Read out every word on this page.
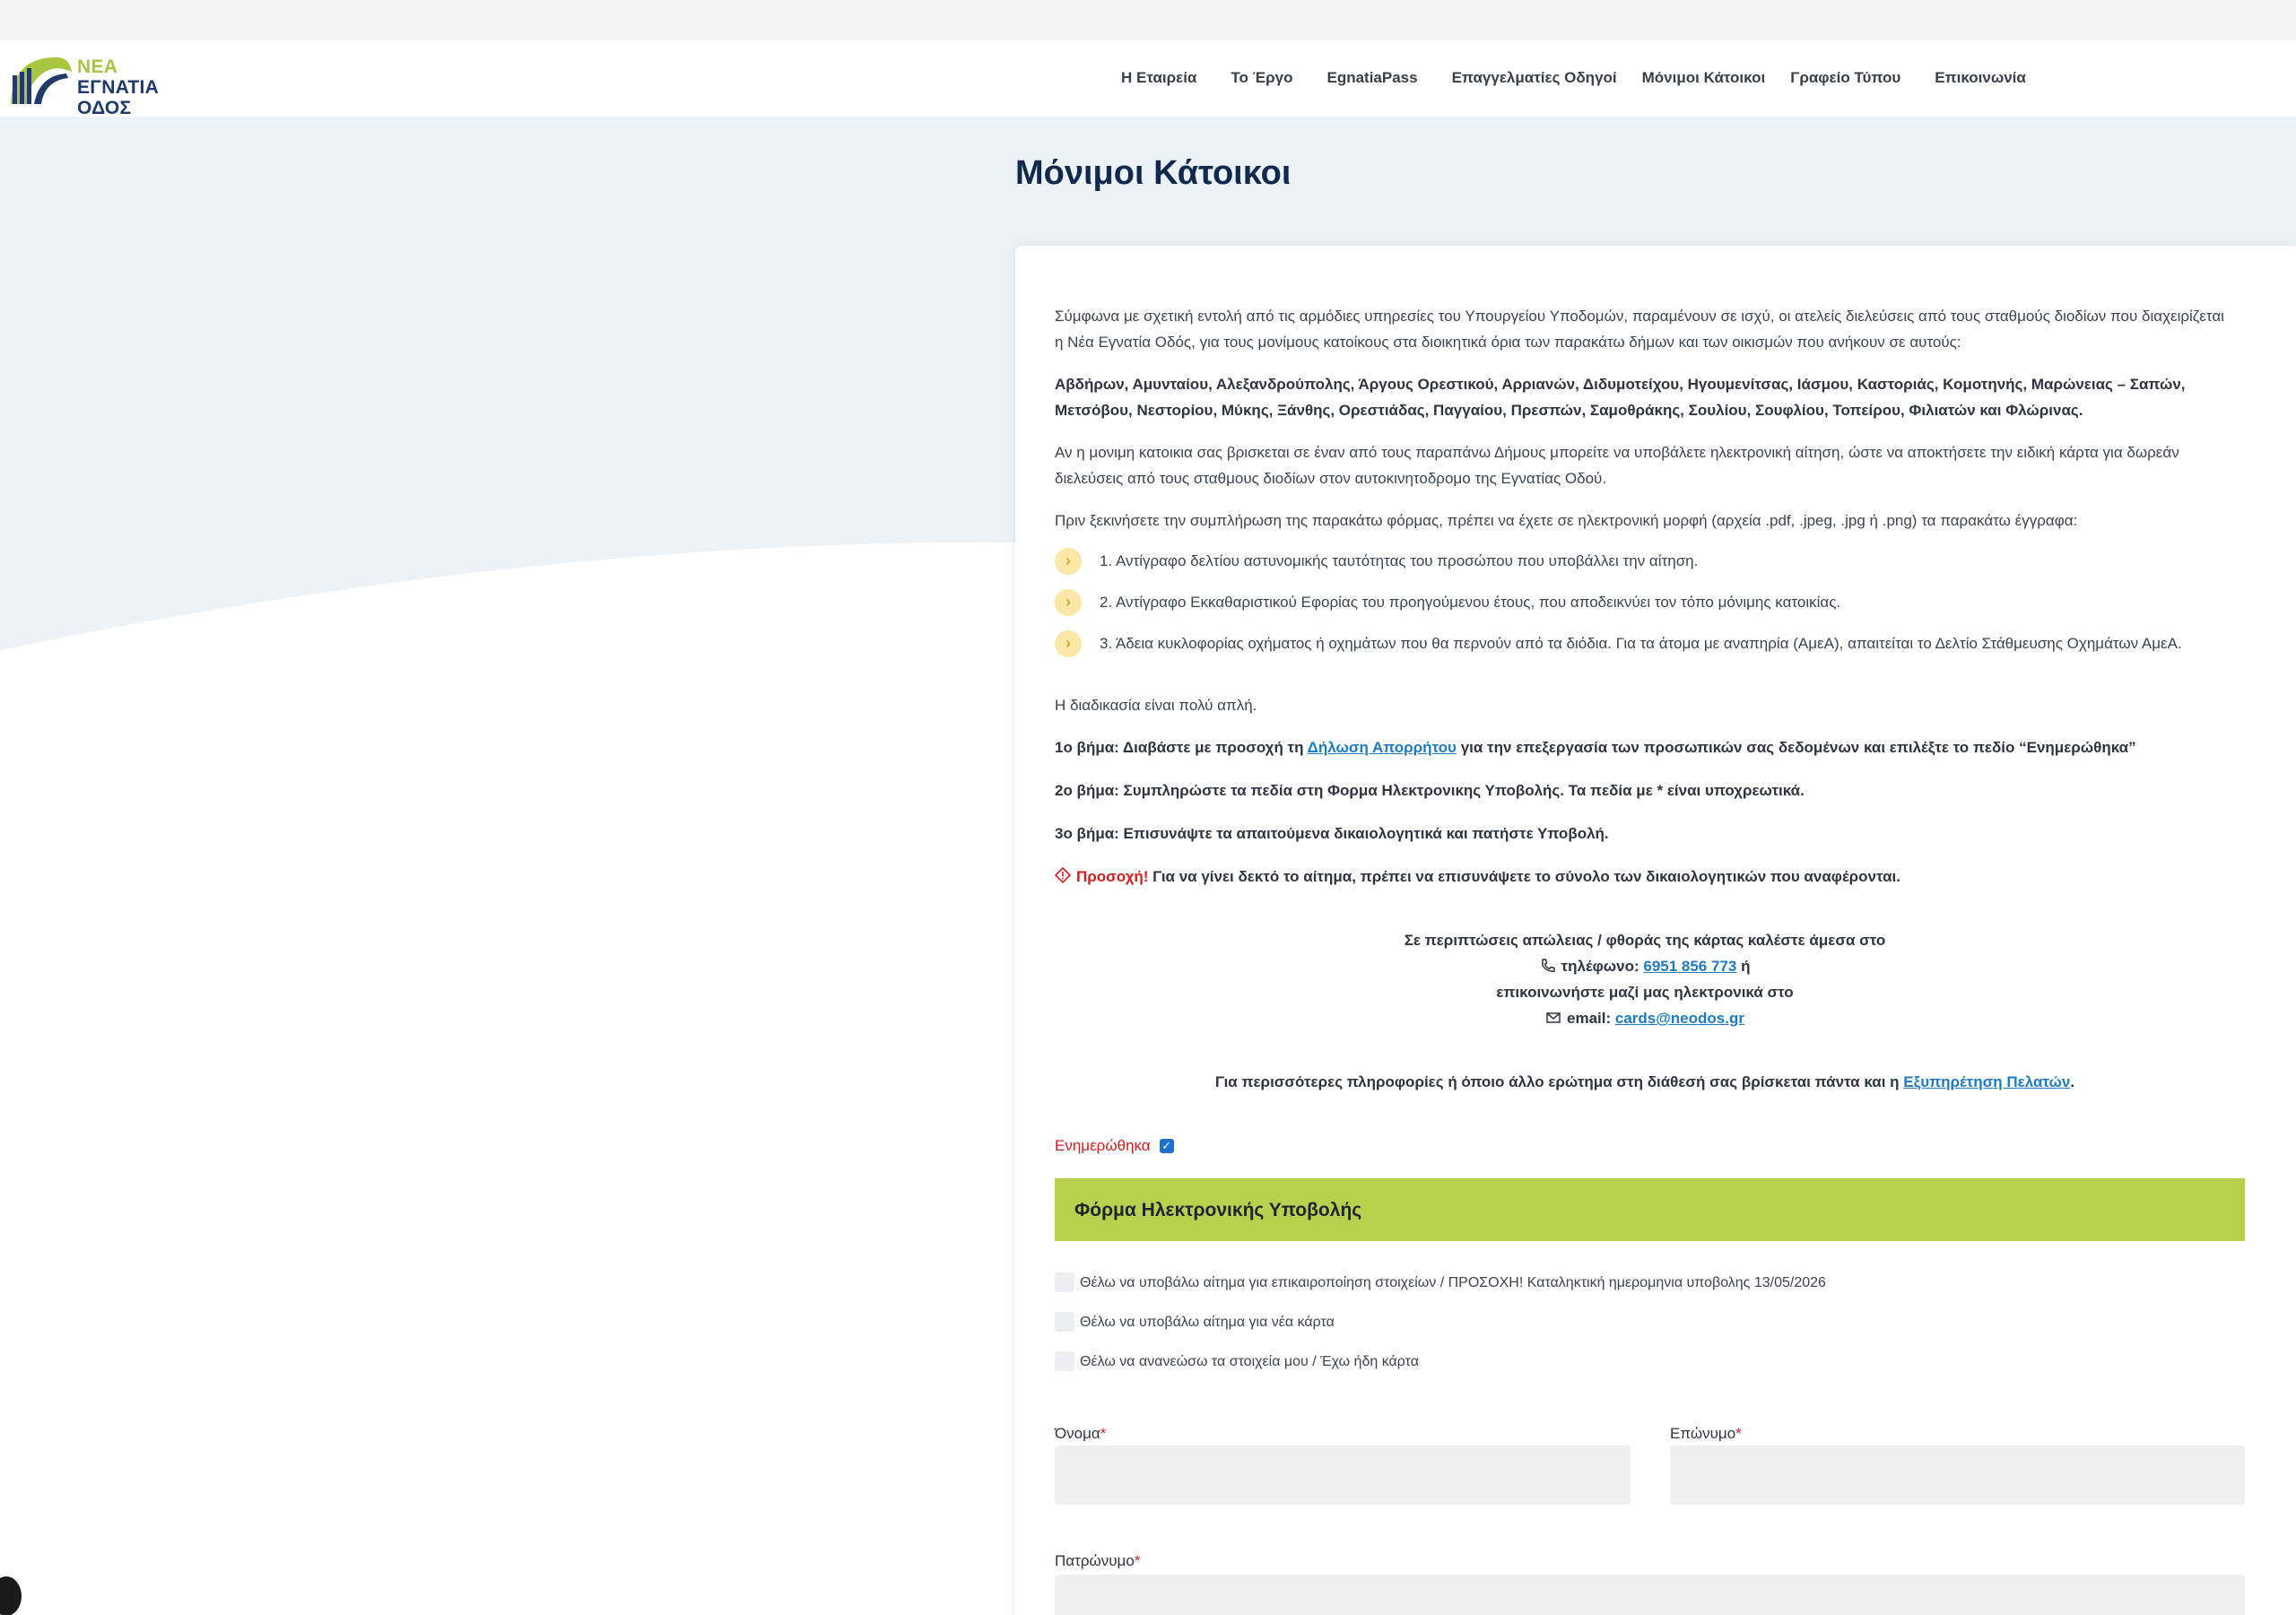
ΝΕΑ
ΕΓΝΑΤΙΑ
ΟΔΟΣ
Η Εταιρεία Το Έργο EgnatiaPass Επαγγελματίες Οδηγοί Μόνιμοι Κάτοικοι Γραφείο Τύπου Επικοινωνία
Μόνιμοι Κάτοικοι

Σύμφωνα με σχετική εντολή από τις αρμόδιες υπηρεσίες του Υπουργείου Υποδομών, παραμένουν σε ισχύ, οι ατελείς διελεύσεις από τους σταθμούς διοδίων που διαχειρίζεται η Νέα Εγνατία Οδός, για τους μονίμους κατοίκους στα διοικητικά όρια των παρακάτω δήμων και των οικισμών που ανήκουν σε αυτούς:

Αβδήρων, Αμυνταίου, Αλεξανδρούπολης, Άργους Ορεστικού, Αρριανών, Διδυμοτείχου, Ηγουμενίτσας, Ιάσμου, Καστοριάς, Κομοτηνής, Μαρώνειας – Σαπών, Μετσόβου, Νεστορίου, Μύκης, Ξάνθης, Ορεστιάδας, Παγγαίου, Πρεσπών, Σαμοθράκης, Σουλίου, Σουφλίου, Τοπείρου, Φιλιατών και Φλώρινας.

Αν η μονιμη κατοικια σας βρισκεται σε έναν από τους παραπάνω Δήμους μπορείτε να υποβάλετε ηλεκτρονική αίτηση, ώστε να αποκτήσετε την ειδική κάρτα για δωρεάν διελεύσεις από τους σταθμους διοδίων στον αυτοκινητοδρομο της Εγνατίας Οδού.

Πριν ξεκινήσετε την συμπλήρωση της παρακάτω φόρμας, πρέπει να έχετε σε ηλεκτρονική μορφή (αρχεία .pdf, .jpeg, .jpg ή .png) τα παρακάτω έγγραφα:

›	1. Αντίγραφο δελτίου αστυνομικής ταυτότητας του προσώπου που υποβάλλει την αίτηση.
›	2. Αντίγραφο Εκκαθαριστικού Εφορίας του προηγούμενου έτους, που αποδεικνύει τον τόπο μόνιμης κατοικίας.
›	3. Άδεια κυκλοφορίας οχήματος ή οχημάτων που θα περνούν από τα διόδια. Για τα άτομα με αναπηρία (ΑμεΑ), απαιτείται το Δελτίο Στάθμευσης Οχημάτων ΑμεΑ.

Η διαδικασία είναι πολύ απλή.

1ο βήμα: Διαβάστε με προσοχή τη Δήλωση Απορρήτου για την επεξεργασία των προσωπικών σας δεδομένων και επιλέξτε το πεδίο “Ενημερώθηκα”

2ο βήμα: Συμπληρώστε τα πεδία στη Φορμα Ηλεκτρονικης Υποβολής. Τα πεδία με * είναι υποχρεωτικά.

3ο βήμα: Επισυνάψτε τα απαιτούμενα δικαιολογητικά και πατήστε Υποβολή.

Προσοχή! Για να γίνει δεκτό το αίτημα, πρέπει να επισυνάψετε το σύνολο των δικαιολογητικών που αναφέρονται.

Σε περιπτώσεις απώλειας / φθοράς της κάρτας καλέστε άμεσα στο
τηλέφωνο: 6951 856 773 ή
επικοινωνήστε μαζί μας ηλεκτρονικά στο
email: cards@neodos.gr
Για περισσότερες πληροφορίες ή όποιο άλλο ερώτημα στη διάθεσή σας βρίσκεται πάντα και η Εξυπηρέτηση Πελατών.
Ενημερώθηκα ✓
Φόρμα Ηλεκτρονικής Υποβολής
Θέλω να υποβάλω αίτημα για επικαιροποίηση στοιχείων / ΠΡΟΣΟΧΗ! Καταληκτική ημερομηνια υποβολης 13/05/2026
Θέλω να υποβάλω αίτημα για νέα κάρτα
Θέλω να ανανεώσω τα στοιχεία μου / Έχω ήδη κάρτα
Όνομα*	Επώνυμο*
Πατρώνυμο*
